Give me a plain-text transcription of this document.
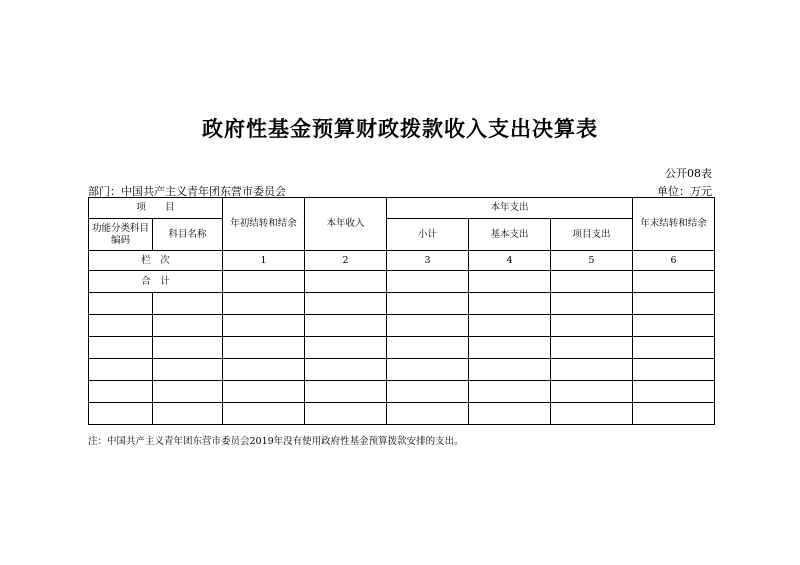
政府性基金预算财政拨款收入支出决算表
公开08表
部门：中国共产主义青年团东营市委员会	单位：万元
项　　目		年初结转和结余	本年收入	本年支出			年末结转和结余
功能分类科目编码	科目名称			小计	基本支出	项目支出	
栏　次		1	2	3	4	5	6
合　计							

注：中国共产主义青年团东营市委员会2019年没有使用政府性基金预算拨款安排的支出。
